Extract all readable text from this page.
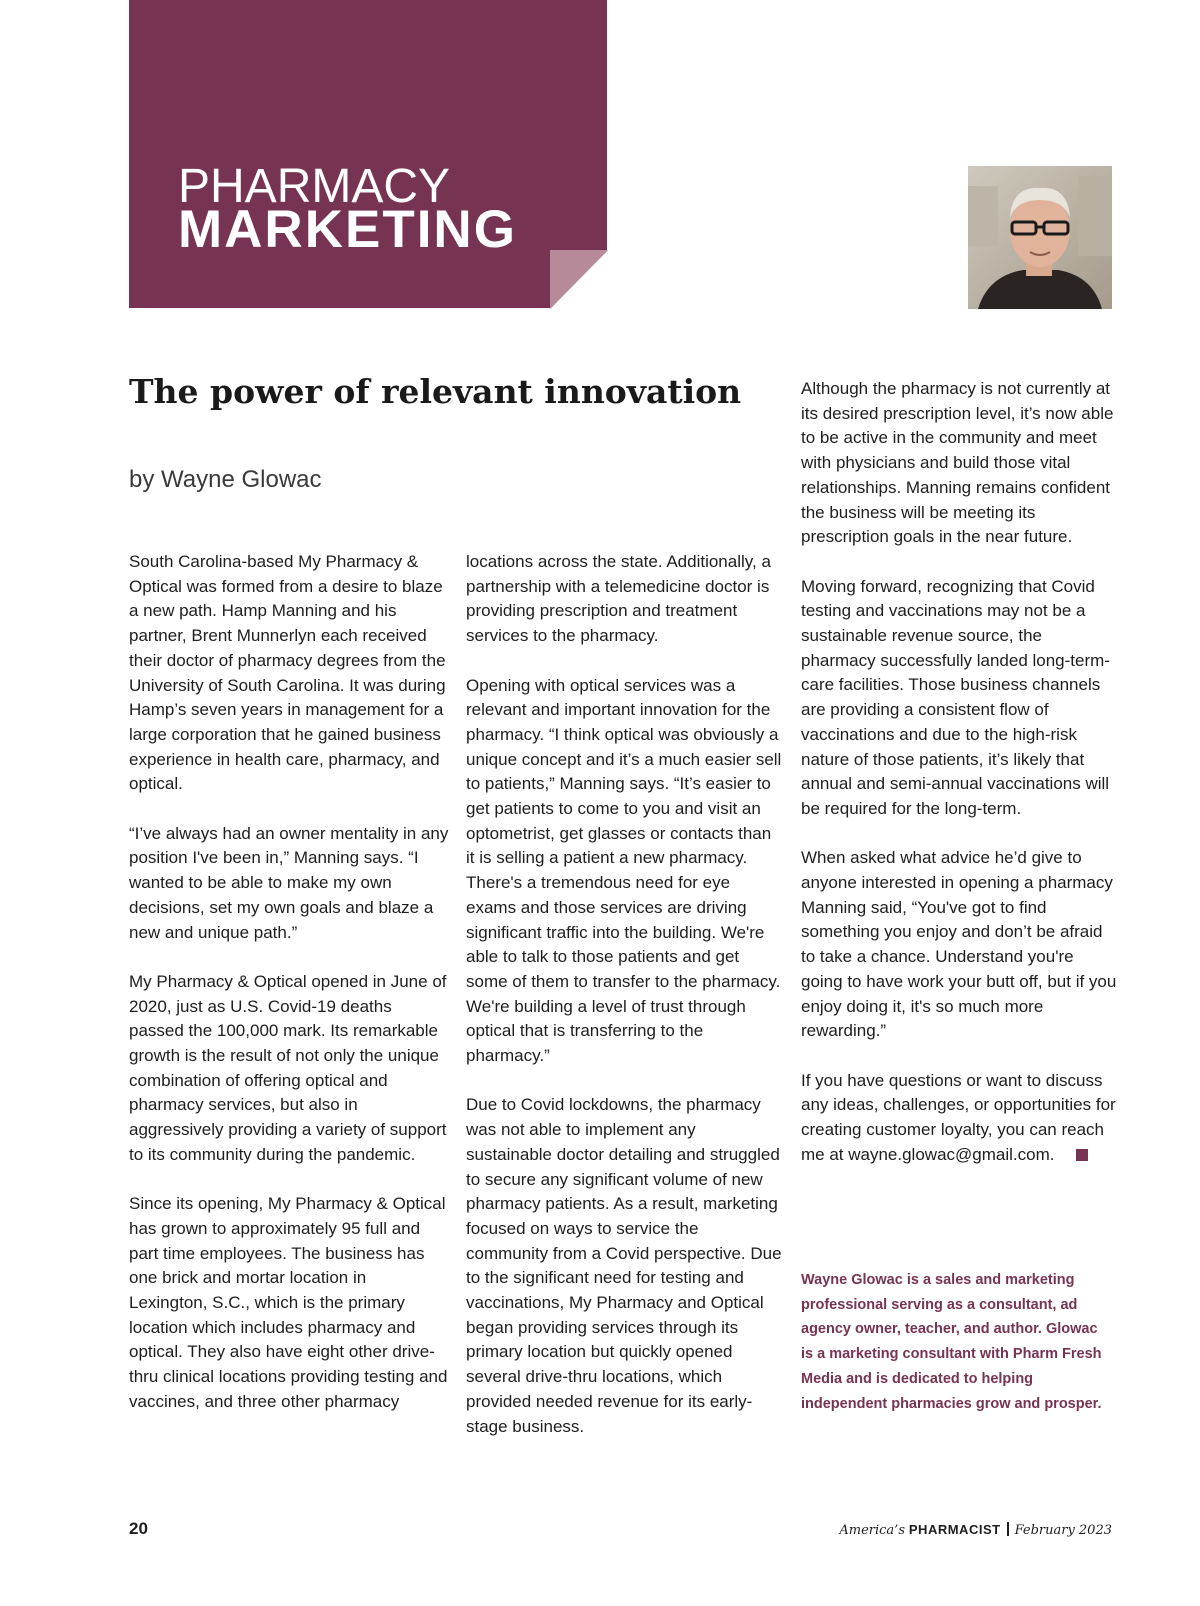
PHARMACY
MARKETING
The power of relevant innovation
by Wayne Glowac

South Carolina-based My Pharmacy & Optical was formed from a desire to blaze a new path. Hamp Manning and his partner, Brent Munnerlyn each received their doctor of pharmacy degrees from the University of South Carolina. It was during Hamp’s seven years in management for a large corporation that he gained business experience in health care, pharmacy, and optical.

“I’ve always had an owner mentality in any position I've been in,” Manning says. “I wanted to be able to make my own decisions, set my own goals and blaze a new and unique path.”

My Pharmacy & Optical opened in June of 2020, just as U.S. Covid-19 deaths passed the 100,000 mark. Its remarkable growth is the result of not only the unique combination of offering optical and pharmacy services, but also in aggressively providing a variety of support to its community during the pandemic.

Since its opening, My Pharmacy & Optical has grown to approximately 95 full and part time employees. The business has one brick and mortar location in Lexington, S.C., which is the primary location which includes pharmacy and optical. They also have eight other drive-thru clinical locations providing testing and vaccines, and three other pharmacy

locations across the state. Additionally, a partnership with a telemedicine doctor is providing prescription and treatment services to the pharmacy.

Opening with optical services was a relevant and important innovation for the pharmacy. “I think optical was obviously a unique concept and it’s a much easier sell to patients,” Manning says. “It’s easier to get patients to come to you and visit an optometrist, get glasses or contacts than it is selling a patient a new pharmacy. There's a tremendous need for eye exams and those services are driving significant traffic into the building. We're able to talk to those patients and get some of them to transfer to the pharmacy. We're building a level of trust through optical that is transferring to the pharmacy.”

Due to Covid lockdowns, the pharmacy was not able to implement any sustainable doctor detailing and struggled to secure any significant volume of new pharmacy patients. As a result, marketing focused on ways to service the community from a Covid perspective. Due to the significant need for testing and vaccinations, My Pharmacy and Optical began providing services through its primary location but quickly opened several drive-thru locations, which provided needed revenue for its early-stage business.

Although the pharmacy is not currently at its desired prescription level, it’s now able to be active in the community and meet with physicians and build those vital relationships. Manning remains confident the business will be meeting its prescription goals in the near future.

Moving forward, recognizing that Covid testing and vaccinations may not be a sustainable revenue source, the pharmacy successfully landed long-term-care facilities. Those business channels are providing a consistent flow of vaccinations and due to the high-risk nature of those patients, it’s likely that annual and semi-annual vaccinations will be required for the long-term.

When asked what advice he’d give to anyone interested in opening a pharmacy Manning said, “You've got to find something you enjoy and don’t be afraid to take a chance. Understand you're going to have work your butt off, but if you enjoy doing it, it's so much more rewarding.”

If you have questions or want to discuss any ideas, challenges, or opportunities for creating customer loyalty, you can reach me at wayne.glowac@gmail.com.

Wayne Glowac is a sales and marketing professional serving as a consultant, ad agency owner, teacher, and author. Glowac is a marketing consultant with Pharm Fresh Media and is dedicated to helping independent pharmacies grow and prosper.
20	America’s PHARMACIST February 2023
